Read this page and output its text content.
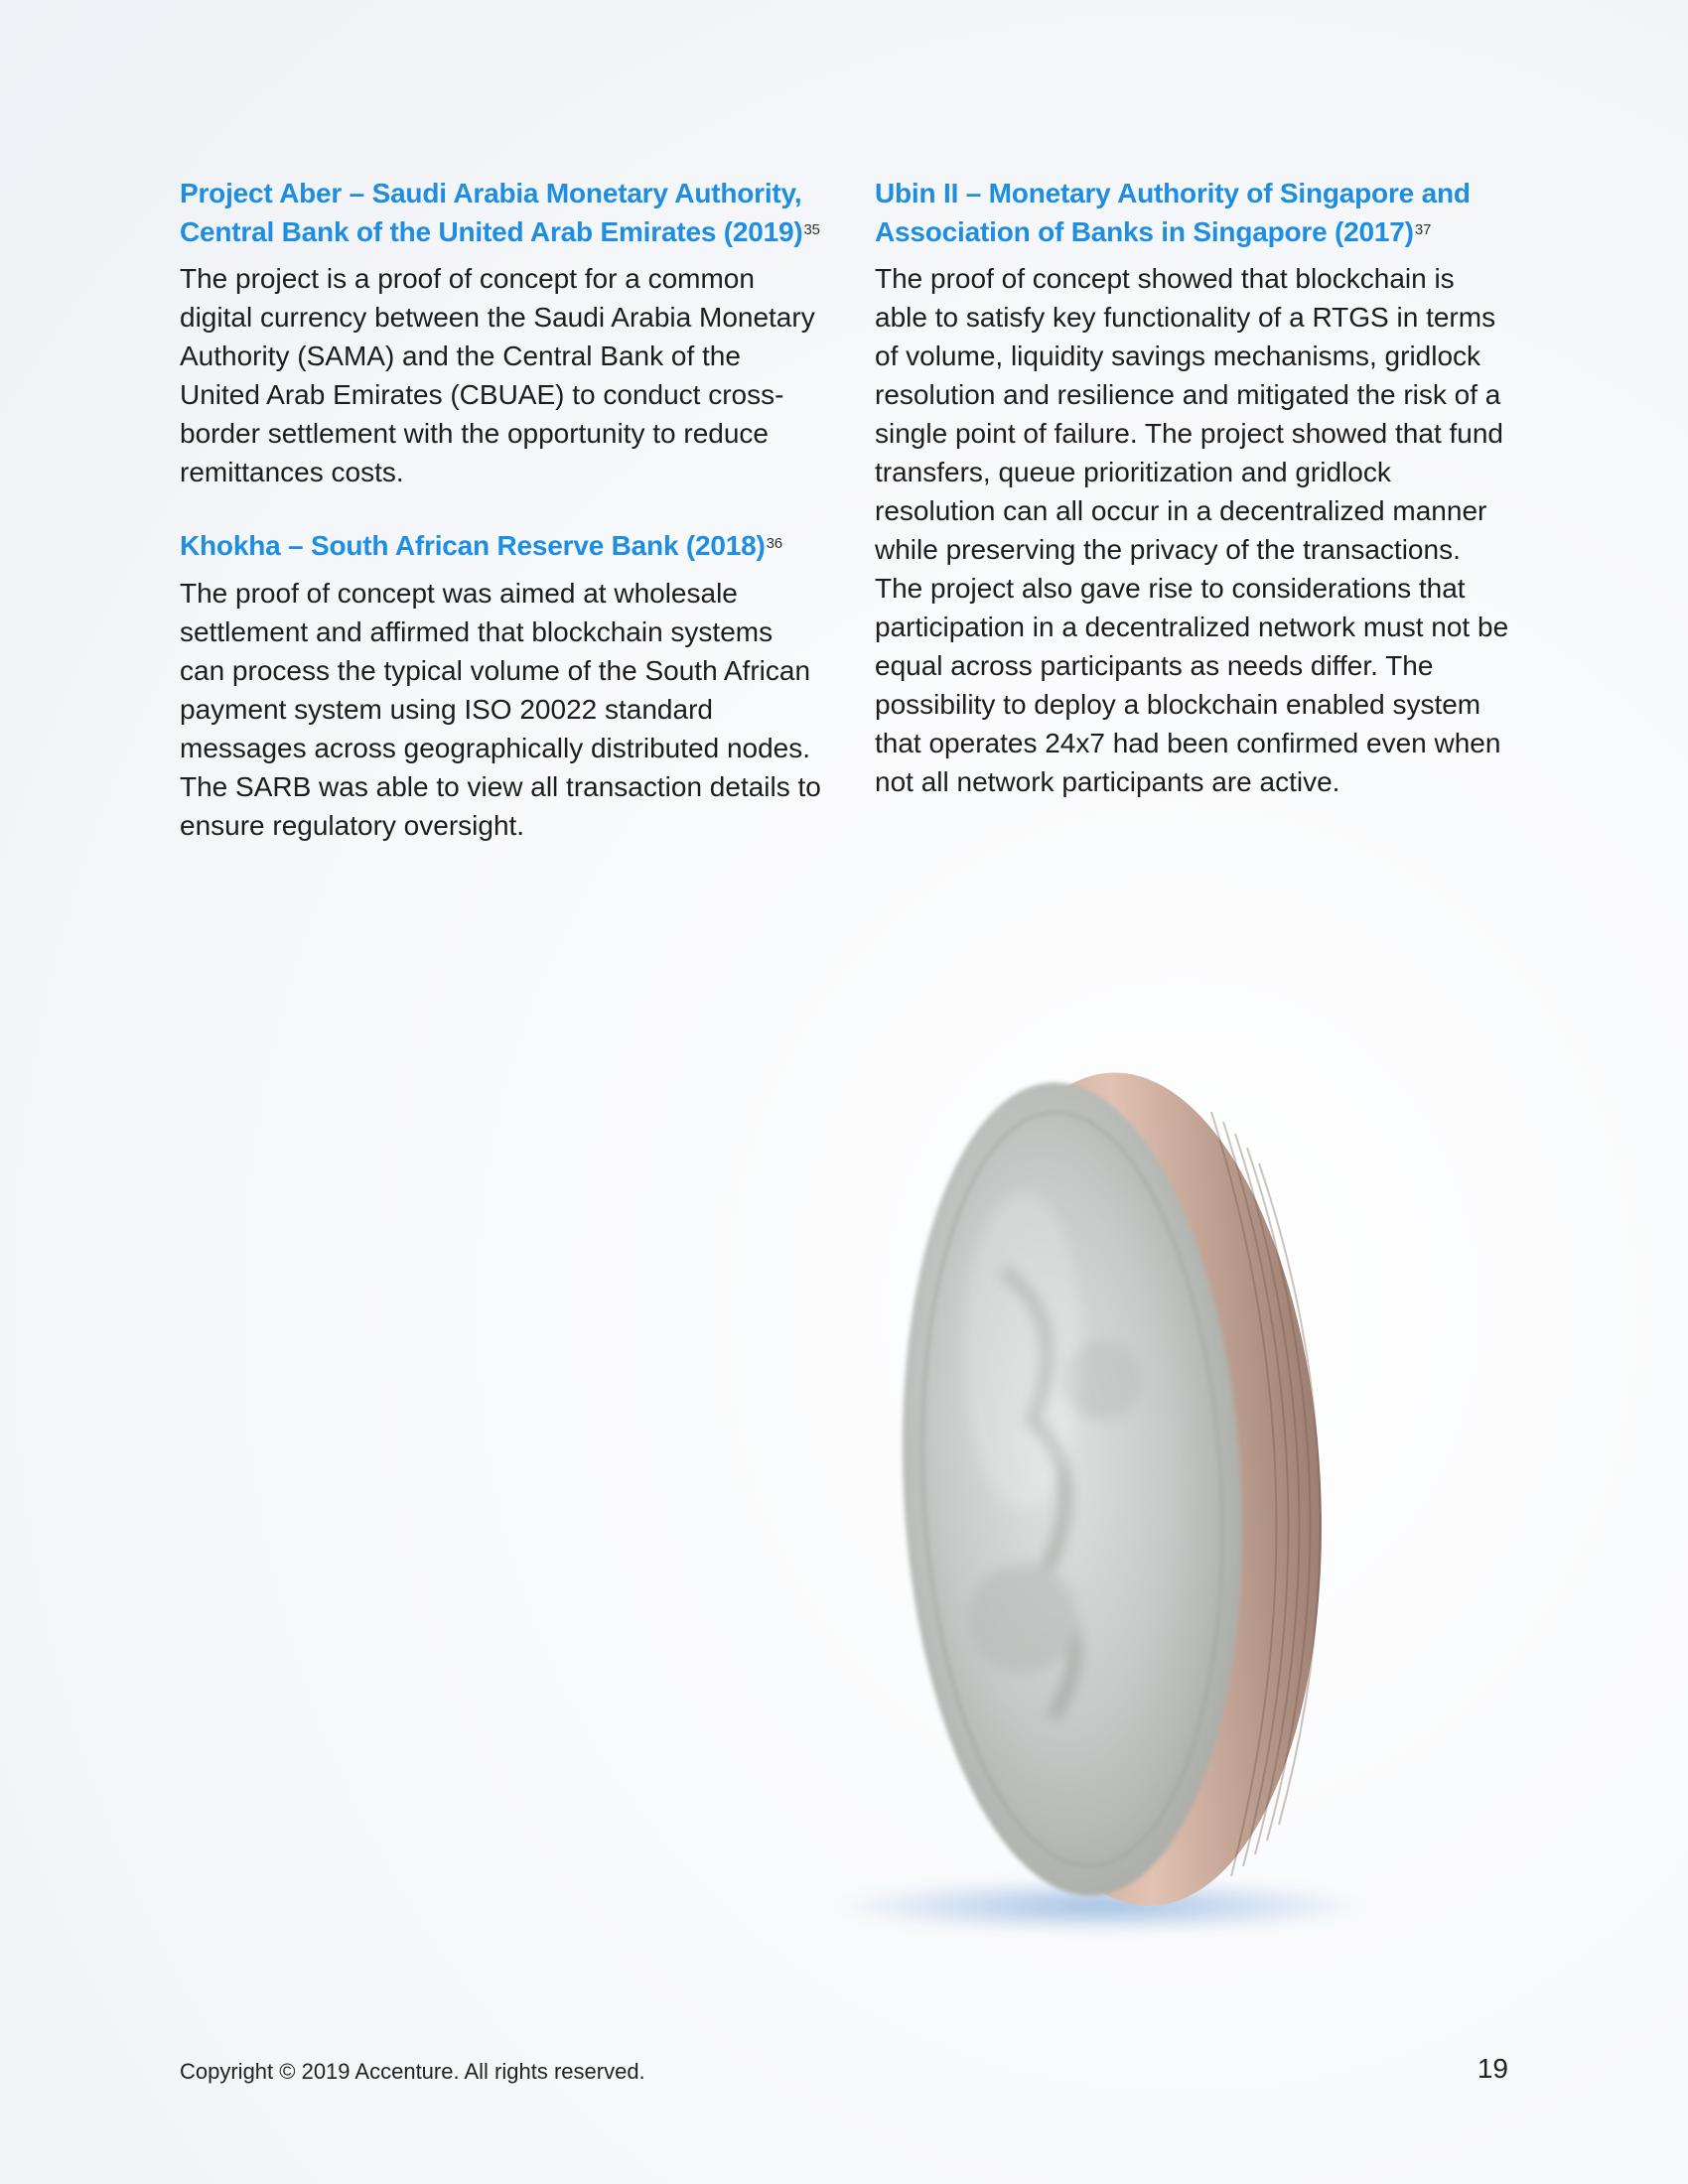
Project Aber – Saudi Arabia Monetary Authority, Central Bank of the United Arab Emirates $(2019)^{35}$

The project is a proof of concept for a common digital currency between the Saudi Arabia Monetary Authority (SAMA) and the Central Bank of the United Arab Emirates (CBUAE) to conduct cross-border settlement with the opportunity to reduce remittances costs.

Khokha – South African Reserve Bank $(2018)^{36}$

The proof of concept was aimed at wholesale settlement and affirmed that blockchain systems can process the typical volume of the South African payment system using ISO 20022 standard messages across geographically distributed nodes. The SARB was able to view all transaction details to ensure regulatory oversight.

Ubin II – Monetary Authority of Singapore and Association of Banks in Singapore $(2017)^{37}$

The proof of concept showed that blockchain is able to satisfy key functionality of a RTGS in terms of volume, liquidity savings mechanisms, gridlock resolution and resilience and mitigated the risk of a single point of failure. The project showed that fund transfers, queue prioritization and gridlock resolution can all occur in a decentralized manner while preserving the privacy of the transactions. The project also gave rise to considerations that participation in a decentralized network must not be equal across participants as needs differ. The possibility to deploy a blockchain enabled system that operates 24x7 had been confirmed even when not all network participants are active.

Copyright © 2019 Accenture. All rights reserved.	19
